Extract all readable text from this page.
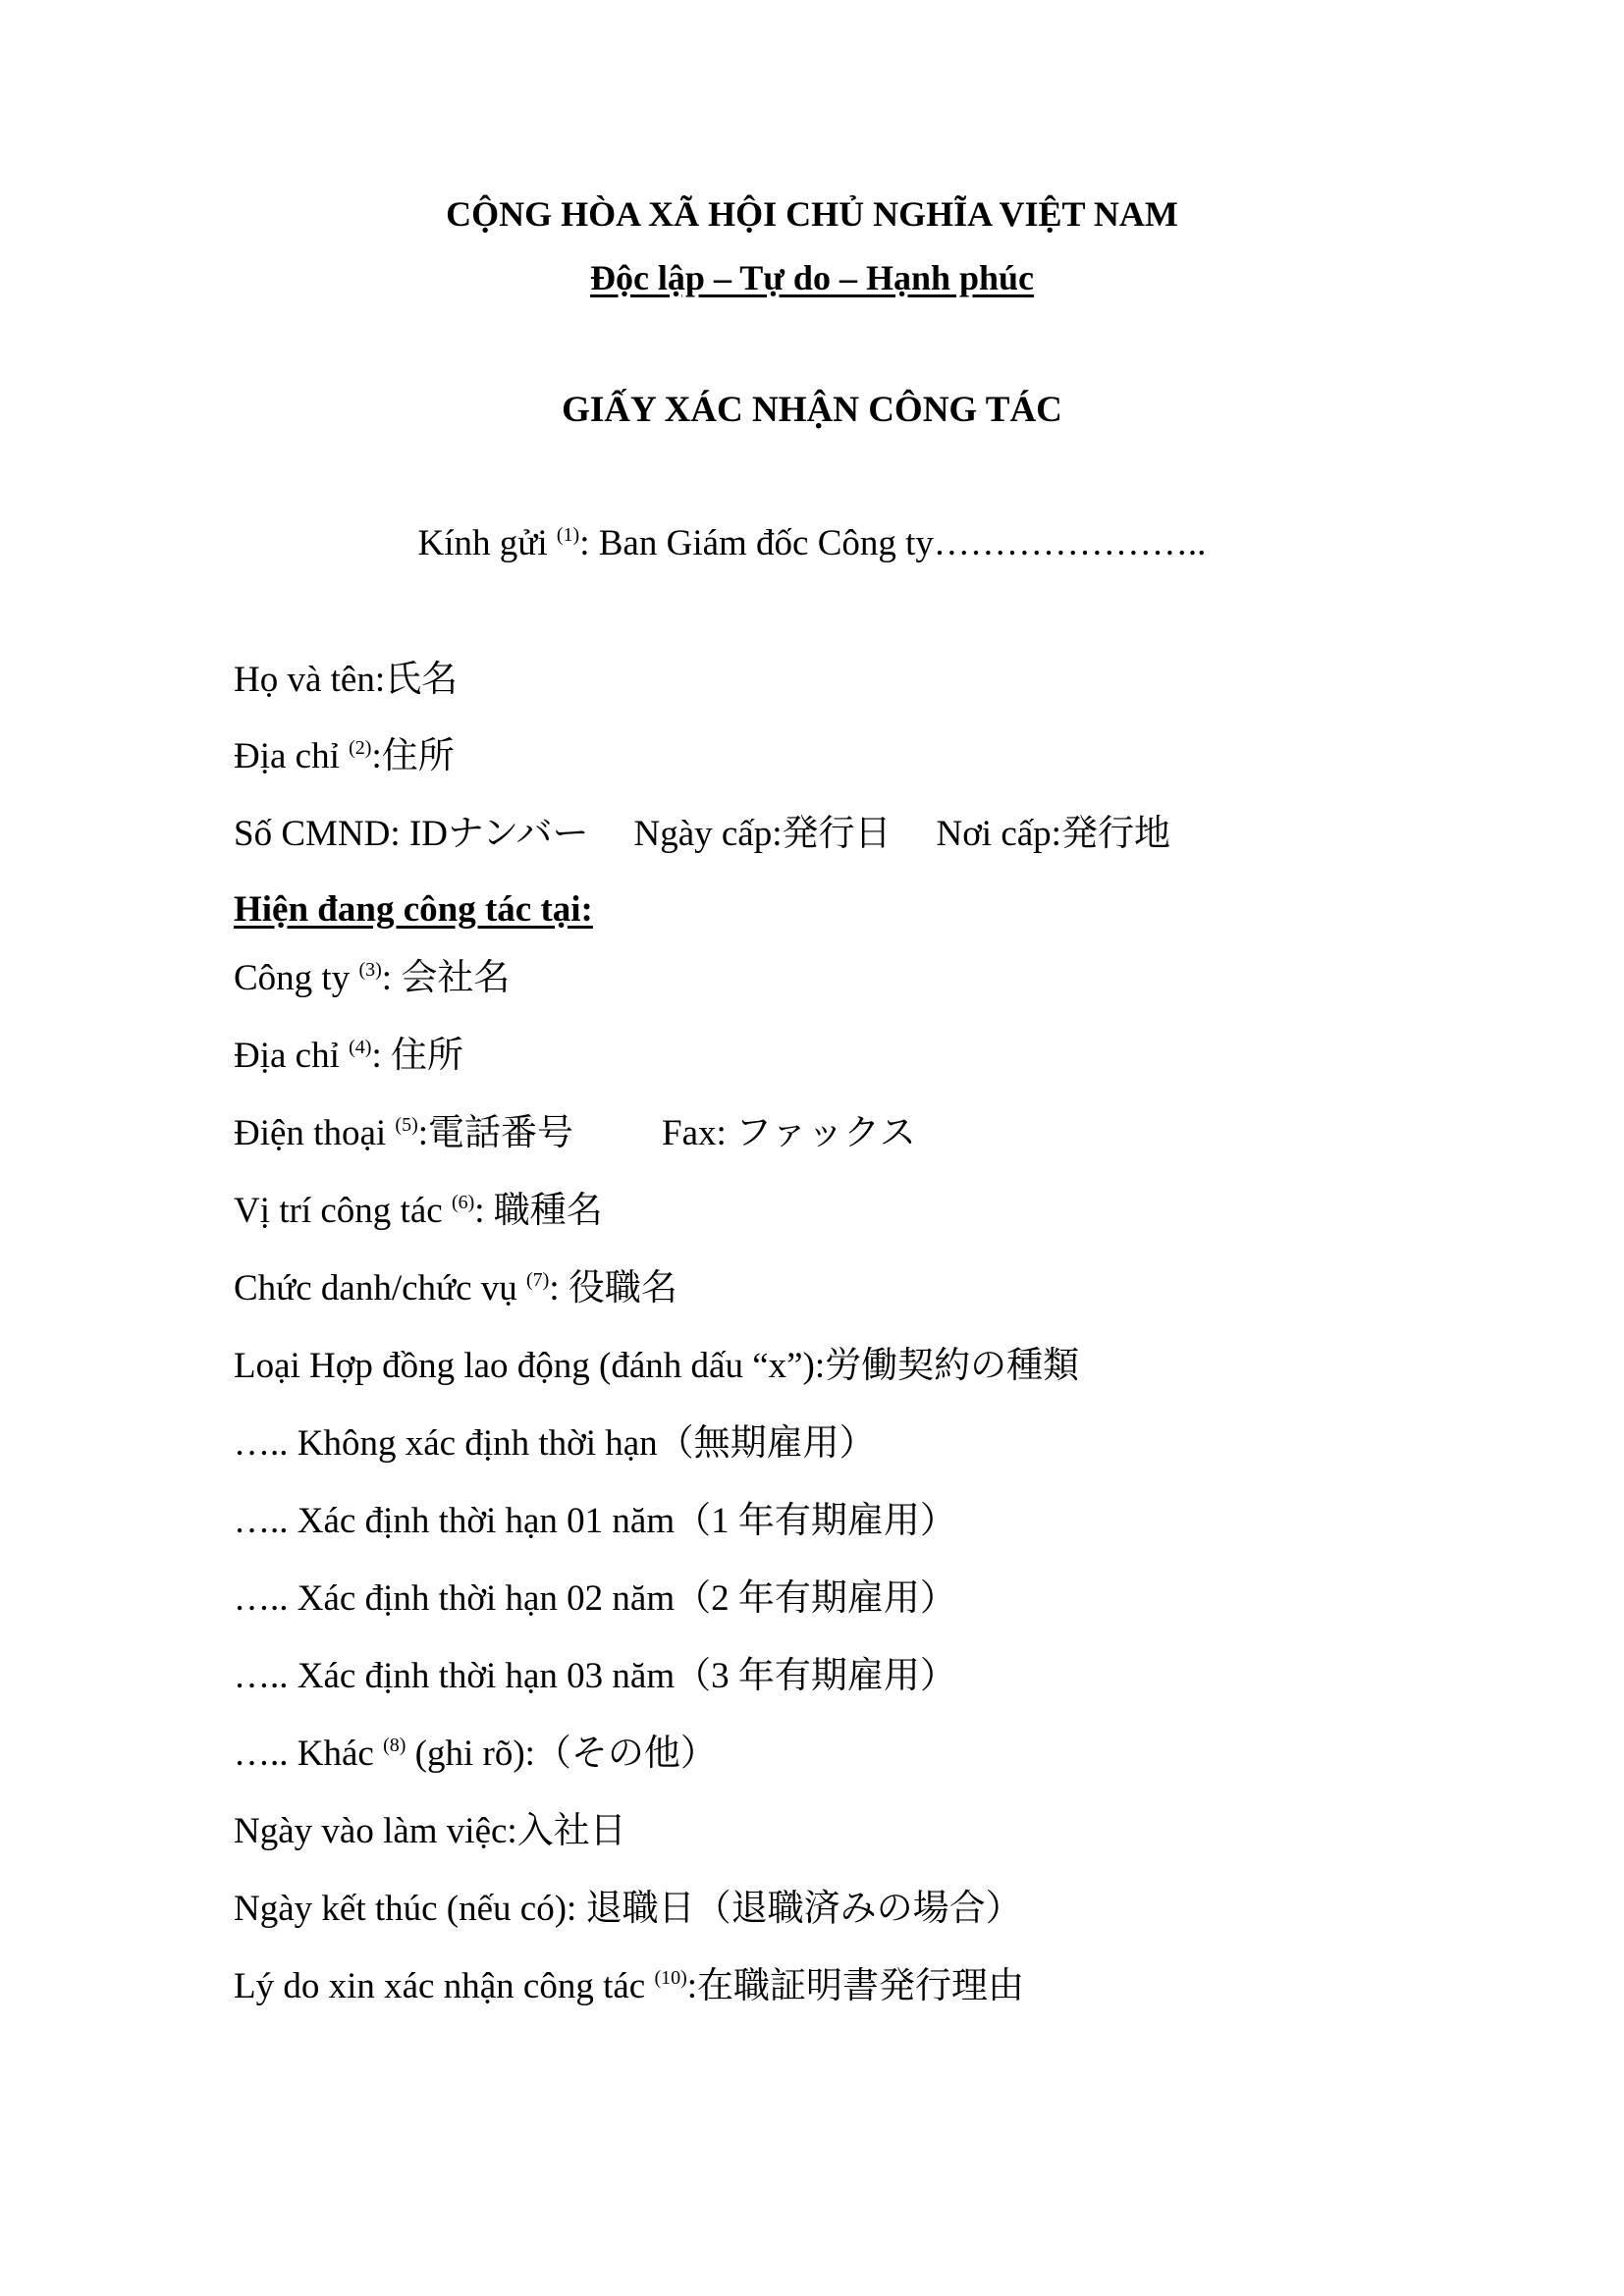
CỘNG HÒA XÃ HỘI CHỦ NGHĨA VIỆT NAM
Độc lập – Tự do – Hạnh phúc
GIẤY XÁC NHẬN CÔNG TÁC
Kính gửi $^{(1)}$: Ban Giám đốc Công ty…………………..
Họ và tên:氏名
Địa chỉ $^{(2)}$:住所
Số CMND: IDナンバー Ngày cấp:発行日 Nơi cấp:発行地
Hiện đang công tác tại:
Công ty $^{(3)}$: 会社名
Địa chỉ $^{(4)}$: 住所
Điện thoại $^{(5)}$:電話番号 Fax: ファックス
Vị trí công tác $^{(6)}$: 職種名
Chức danh/chức vụ $^{(7)}$: 役職名
Loại Hợp đồng lao động (đánh dấu “x”):労働契約の種類
….. Không xác định thời hạn（無期雇用）
….. Xác định thời hạn 01 năm（1 年有期雇用）
….. Xác định thời hạn 02 năm（2 年有期雇用）
….. Xác định thời hạn 03 năm（3 年有期雇用）
….. Khác $^{(8)}$ (ghi rõ):（その他）
Ngày vào làm việc:入社日
Ngày kết thúc (nếu có): 退職日（退職済みの場合）
Lý do xin xác nhận công tác $^{(10)}$:在職証明書発行理由
